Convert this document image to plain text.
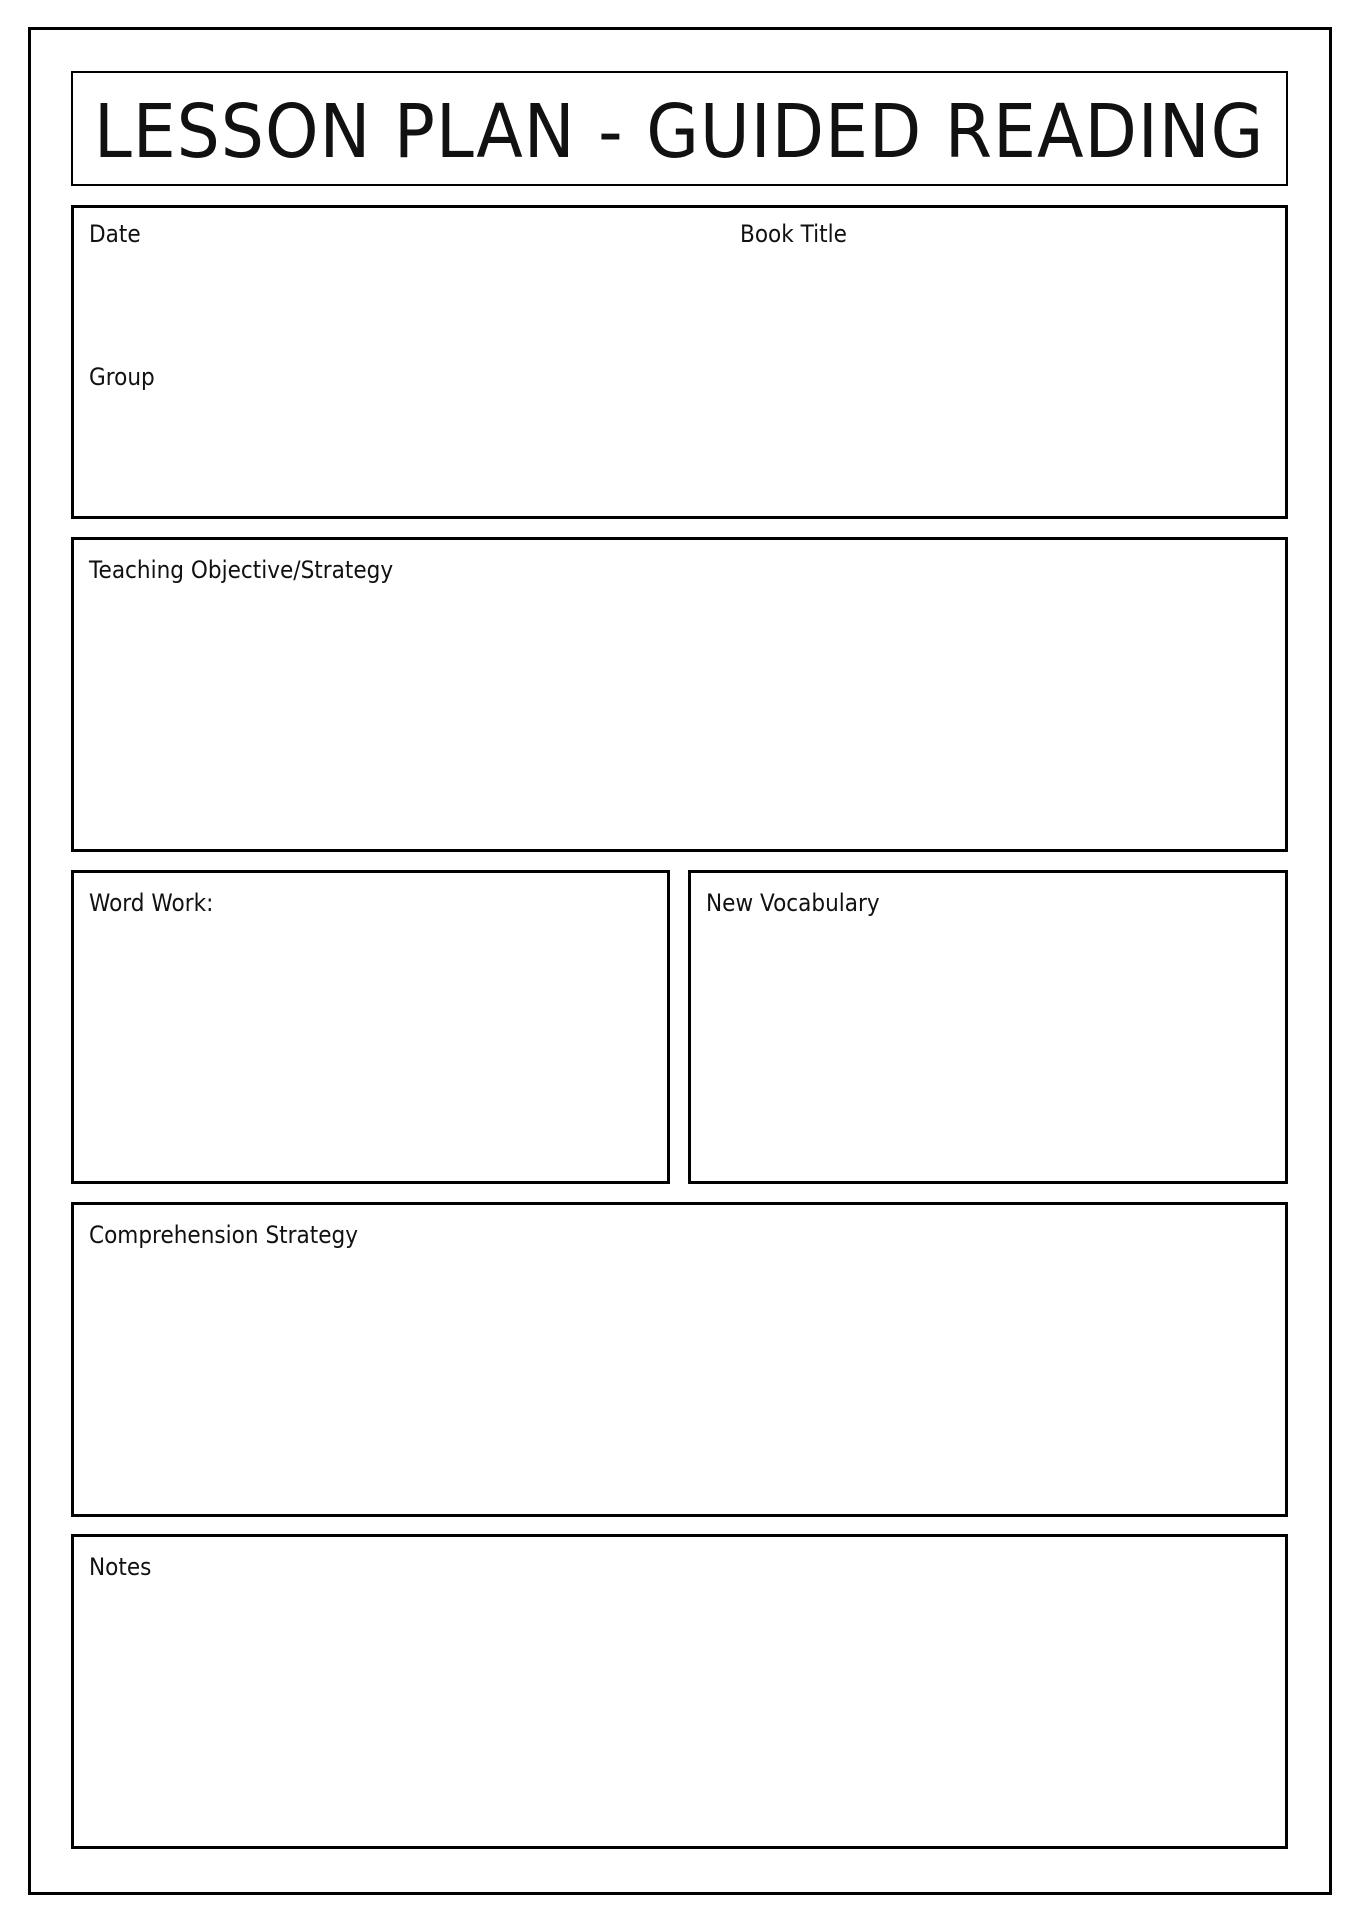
LESSON PLAN - GUIDED READING
Date	Book Title
Group
Teaching Objective/Strategy
Word Work:	New Vocabulary
Comprehension Strategy
Notes
